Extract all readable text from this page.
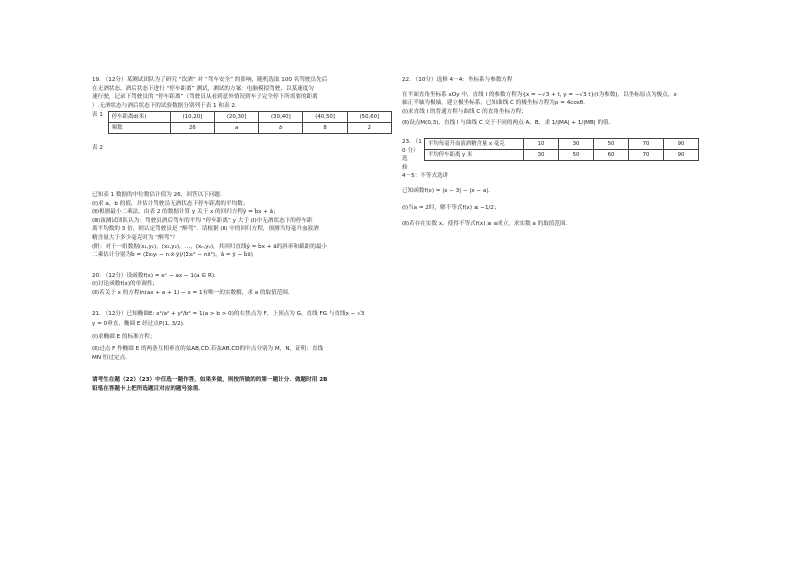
19. （12分）某测试团队为了研究 “饮酒” 对 “驾车安全” 的影响，随机选取 100 名驾驶员先后
在无酒状态、酒后状态下进行 “停车距离” 测试，测试的方案：电脑模拟驾驶，以某速度匀
速行驶，记录下驾驶员的 “停车距离”（驾驶员从看到意外情况到车子完全停下所需要的距离
）.无酒状态与酒后状态下的试验数据分别列于表 1 和表 2．
表 1	停车距离d(米)	(10,20]	(20,30]	(30,40]	(40,50]	(50,60]
频数	26	a	b	8	2
表 2
已知表 1 数据的中位数估计值为 26，回答以下问题．
(Ⅰ)求 a，b 的值，并估计驾驶员无酒状态下停车距离的平均数；
(Ⅱ)根据最小二乘法，由表 2 的数据计算 y 关于 x 的回归方程ŷ = b̂x + â；
(Ⅲ)该测试团队认为：驾驶员酒后驾车的平均 “停车距离” y 大于 (Ⅰ)中无酒状态下的停车距
离平均数的 3 倍，则认定驾驶员是 “醉驾”．请根据 (Ⅱ) 中的回归方程，预测当每毫升血液酒
精含量大于多少毫克时为 “醉驾”？
(附：对于一组数据(x₁,y₁)，(x₂,y₂)，…，(xₙ,yₙ)，其回归直线ŷ = b̂x + â的斜率和截距的最小
二乘估计分别为b̂ = (Σxᵢyᵢ − n·x̄·ȳ)/(Σxᵢ² − nx̄²)，â = ȳ − b̂x̄)
20. （12分）设函数f(x) = eˣ − ax − 1(a ∈ R).
(Ⅰ)讨论函数f(x)的单调性；
(Ⅱ)若关于 x 的方程ln(ax + a + 1) − x = 1有唯一的实数解，求 a 的取值范围．
21. （12分）已知椭圆E: x²/a² + y²/b² = 1(a > b > 0)的右焦点为 F，上顶点为 G，直线 FG 与直线x − √3
y = 0垂直，椭圆 E 经过点P(1, 3/2)．
(Ⅰ)求椭圆 E 的标准方程；
(Ⅱ)过点 F 作椭圆 E 的两条互相垂直的弦AB,CD.若弦AB,CD的中点分别为 M，N，证明：直线
MN 恒过定点．
请考生在题（22）（23）中任选一题作答，如果多做，则按所做的的第一题计分．做题时用 2B
铅笔在答题卡上把所选题目对应的题号涂黑．
22. （10分）选修 4－4：坐标系与参数方程
在平面直角坐标系 xOy 中，直线 l 的参数方程为{x = −√3 + t, y = −√3 t}(t为参数)，以坐标原点为极点，x
轴正半轴为极轴，建立极坐标系，已知曲线 C 的极坐标方程为ρ = 4cosθ．
(Ⅰ)求直线 l 的普通方程与曲线 C 的直角坐标方程；
(Ⅱ)设点M(0,3)，直线 l 与曲线 C 交于不同的两点 A、B，求 1/|MA| + 1/|MB| 的值．
23. （1
0 分）
选
修
平均每毫升血液酒精含量 x 毫克	10	30	50	70	90
平均停车距离 y 米	30	50	60	70	90
4－5：不等式选讲
已知函数f(x) = |x − 3| − |x − a|．
(Ⅰ)当a = 2时，解不等式f(x) ≤ −1/2；
(Ⅱ)若存在实数 x，使得不等式f(x) ≥ a成立，求实数 a 的取值范围．
